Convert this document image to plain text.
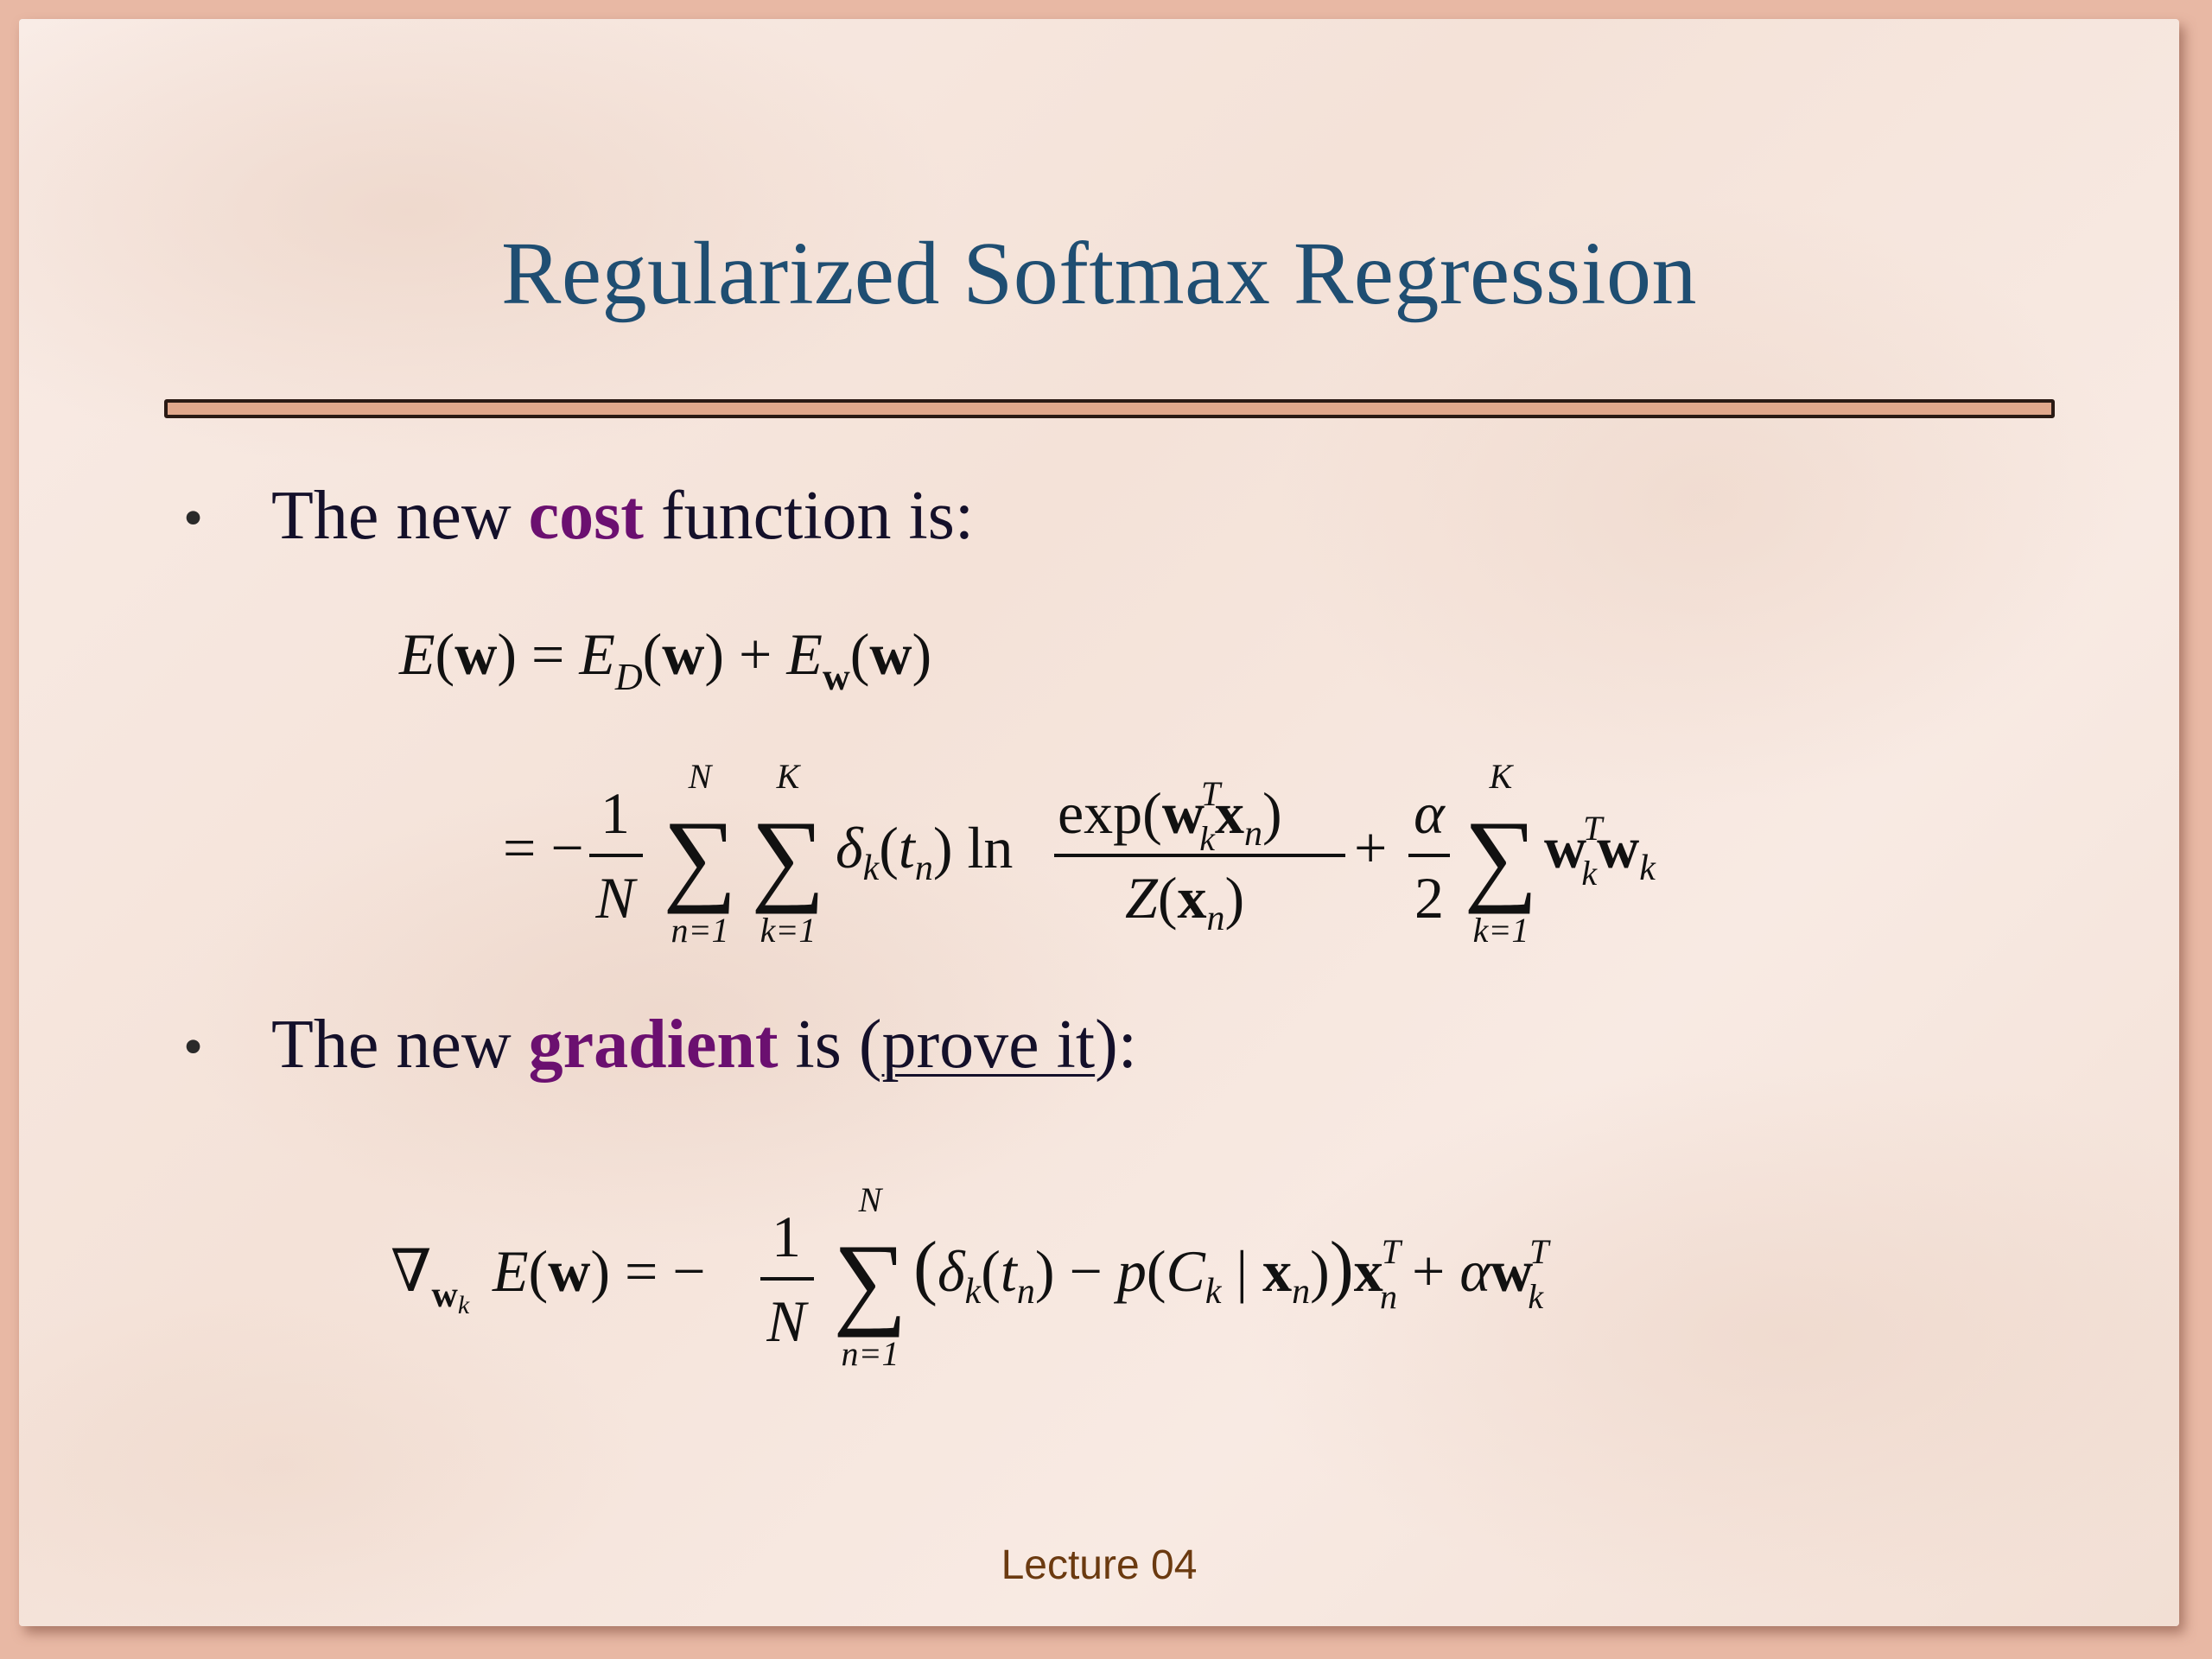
Regularized Softmax Regression
• The new cost function is:
$E(w) = E_D(w) + E_w(w)$
= −
1
N
N
∑
n=1
K
∑
k=1
$\delta_k(t_n)$ ln
exp(wT $kx_n$)
$Z(x_n)$
+
α
2
K
∑
k=1
wT $kw_k$
• The new gradient is (prove it):
$\nabla_wk$
E(w) = −
1
N
N
∑
n=1
($\delta_k(t_n) - p(C_k$ | $x_n))xT$ n + αwT k
Lecture 04
